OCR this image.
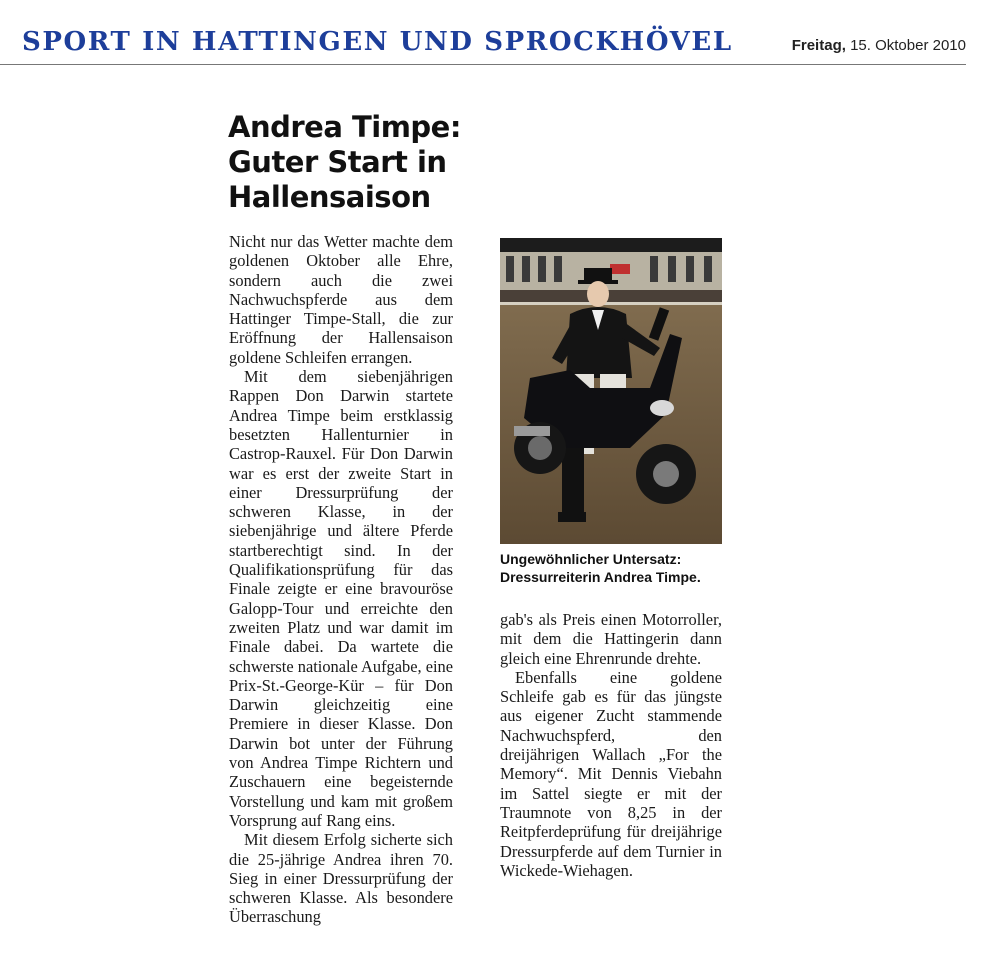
SPORT IN HATTINGEN UND SPROCKHÖVEL	Freitag, 15. Oktober 2010
Andrea Timpe: Guter Start in Hallensaison

Nicht nur das Wetter machte dem goldenen Oktober alle Ehre, sondern auch die zwei Nachwuchspferde aus dem Hattinger Timpe-Stall, die zur Eröffnung der Hallensaison goldene Schleifen errangen.

Mit dem siebenjährigen Rappen Don Darwin startete Andrea Timpe beim erstklassig besetzten Hallenturnier in Castrop-Rauxel. Für Don Darwin war es erst der zweite Start in einer Dressurprüfung der schweren Klasse, in der siebenjährige und ältere Pferde startberechtigt sind. In der Qualifikationsprüfung für das Finale zeigte er eine bravouröse Galopp-Tour und erreichte den zweiten Platz und war damit im Finale dabei. Da wartete die schwerste nationale Aufgabe, eine Prix-St.-George-Kür – für Don Darwin gleichzeitig eine Premiere in dieser Klasse. Don Darwin bot unter der Führung von Andrea Timpe Richtern und Zuschauern eine begeisternde Vorstellung und kam mit großem Vorsprung auf Rang eins.

Mit diesem Erfolg sicherte sich die 25-jährige Andrea ihren 70. Sieg in einer Dressurprüfung der schweren Klasse. Als besondere Überraschung

Ungewöhnlicher Untersatz: Dressurreiterin Andrea Timpe.

gab's als Preis einen Motorroller, mit dem die Hattingerin dann gleich eine Ehrenrunde drehte.

Ebenfalls eine goldene Schleife gab es für das jüngste aus eigener Zucht stammende Nachwuchspferd, den dreijährigen Wallach „For the Memory“. Mit Dennis Viebahn im Sattel siegte er mit der Traumnote von 8,25 in der Reitpferdeprüfung für dreijährige Dressurpferde auf dem Turnier in Wickede-Wiehagen.
